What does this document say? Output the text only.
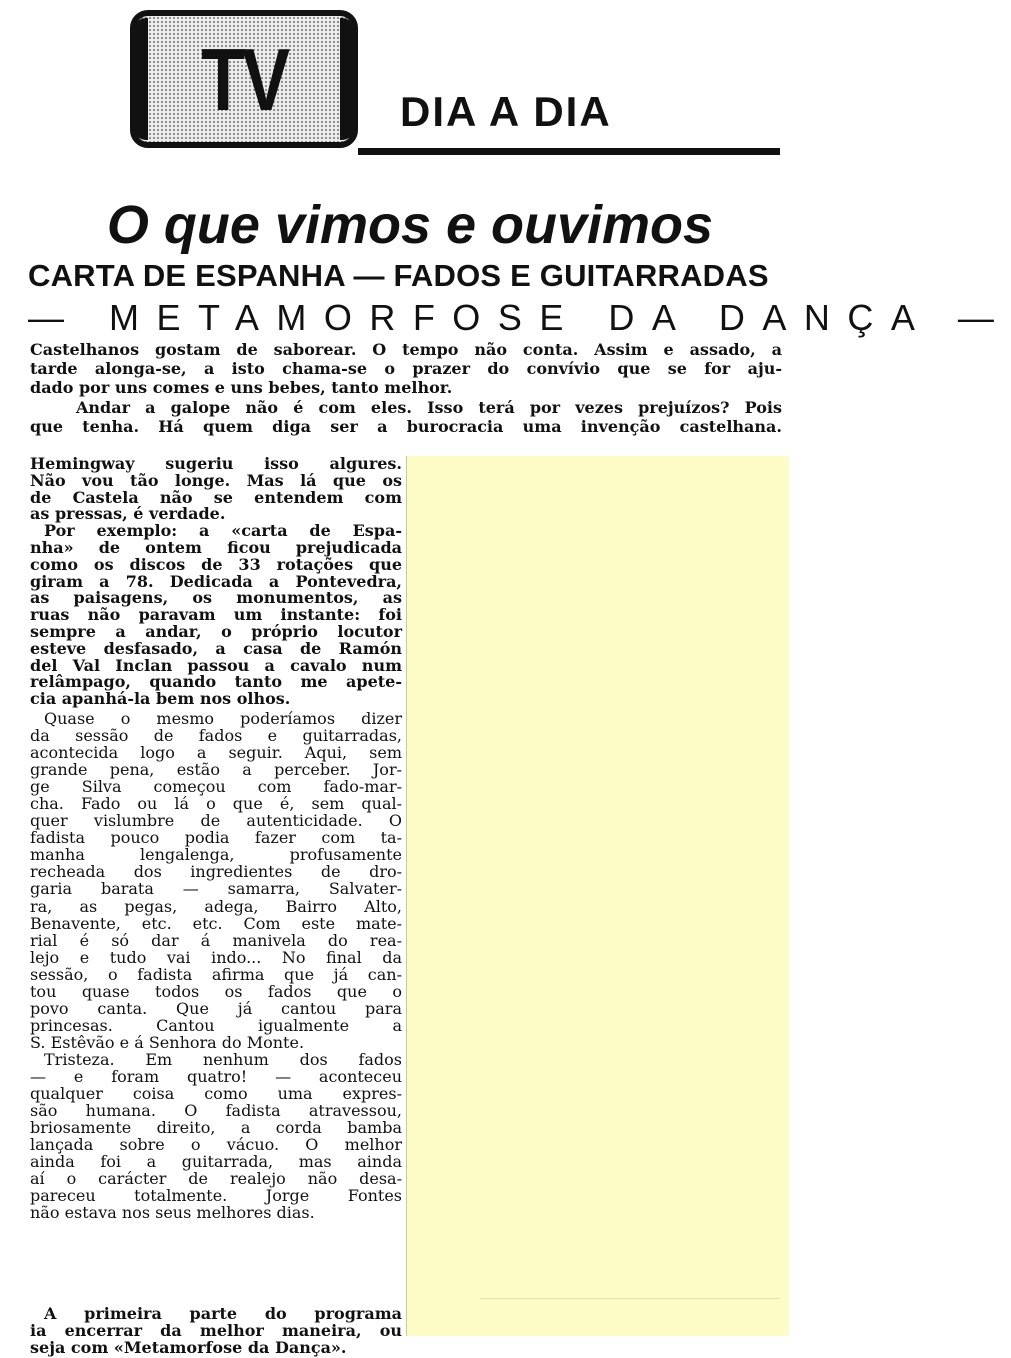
TV	DIA A DIA
O que vimos e ouvimos
CARTA DE ESPANHA — FADOS E GUITARRADAS
— METAMORFOSE DA DANÇA —
Castelhanos gostam de saborear. O tempo não conta. Assim e assado, a
tarde alonga-se, a isto chama-se o prazer do convívio que se for aju-
dado por uns comes e uns bebes, tanto melhor.
Andar a galope não é com eles. Isso terá por vezes prejuízos? Pois
que tenha. Há quem diga ser a burocracia uma invenção castelhana.
Hemingway sugeriu isso algures.
Não vou tão longe. Mas lá que os
de Castela não se entendem com
as pressas, é verdade.
Por exemplo: a «carta de Espa-
nha» de ontem ficou prejudicada
como os discos de 33 rotações que
giram a 78. Dedicada a Pontevedra,
as paisagens, os monumentos, as
ruas não paravam um instante: foi
sempre a andar, o próprio locutor
esteve desfasado, a casa de Ramón
del Val Inclan passou a cavalo num
relâmpago, quando tanto me apete-
cia apanhá-la bem nos olhos.
Quase o mesmo poderíamos dizer
da sessão de fados e guitarradas,
acontecida logo a seguir. Aqui, sem
grande pena, estão a perceber. Jor-
ge Silva começou com fado-mar-
cha. Fado ou lá o que é, sem qual-
quer vislumbre de autenticidade. O
fadista pouco podia fazer com ta-
manha lengalenga, profusamente
recheada dos ingredientes de dro-
garia barata — samarra, Salvater-
ra, as pegas, adega, Bairro Alto,
Benavente, etc. etc. Com este mate-
rial é só dar á manivela do rea-
lejo e tudo vai indo... No final da
sessão, o fadista afirma que já can-
tou quase todos os fados que o
povo canta. Que já cantou para
princesas. Cantou igualmente a
S. Estêvão e á Senhora do Monte.
Tristeza. Em nenhum dos fados
— e foram quatro! — aconteceu
qualquer coisa como uma expres-
são humana. O fadista atravessou,
briosamente direito, a corda bamba
lançada sobre o vácuo. O melhor
ainda foi a guitarrada, mas ainda
aí o carácter de realejo não desa-
pareceu totalmente. Jorge Fontes
não estava nos seus melhores dias.
A primeira parte do programa
ia encerrar da melhor maneira, ou
seja com «Metamorfose da Dança».
